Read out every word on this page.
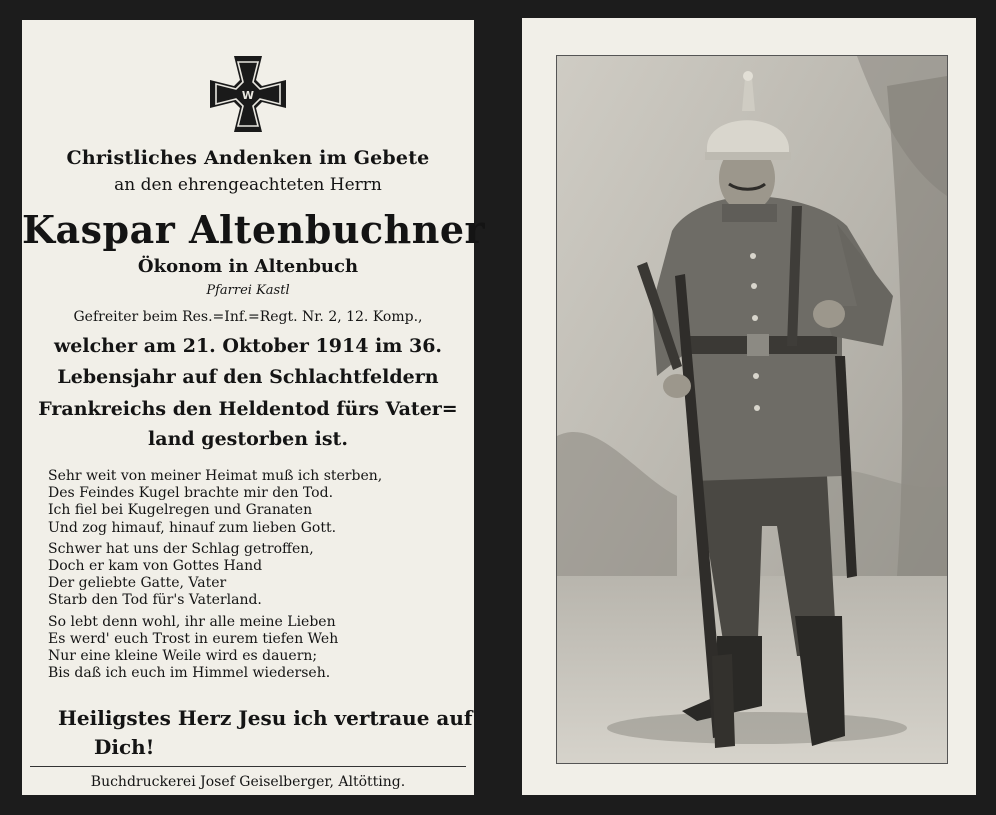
W
Christliches Andenken im Gebete
an den ehrengeachteten Herrn
Kaspar Altenbuchner
Ökonom in Altenbuch
Pfarrei Kastl
Gefreiter beim Res.=Inf.=Regt. Nr. 2, 12. Komp.,
welcher am 21. Oktober 1914 im 36.
Lebensjahr auf den Schlachtfeldern
Frankreichs den Heldentod fürs Vater=
land gestorben ist.
Sehr weit von meiner Heimat muß ich sterben,
Des Feindes Kugel brachte mir den Tod.
Ich fiel bei Kugelregen und Granaten
Und zog himauf, hinauf zum lieben Gott.
Schwer hat uns der Schlag getroffen,
Doch er kam von Gottes Hand
Der geliebte Gatte, Vater
Starb den Tod für's Vaterland.
So lebt denn wohl, ihr alle meine Lieben
Es werd' euch Trost in eurem tiefen Weh
Nur eine kleine Weile wird es dauern;
Bis daß ich euch im Himmel wiederseh.
Heiligstes Herz Jesu ich vertraue auf
Dich!
Buchdruckerei Josef Geiselberger, Altötting.
